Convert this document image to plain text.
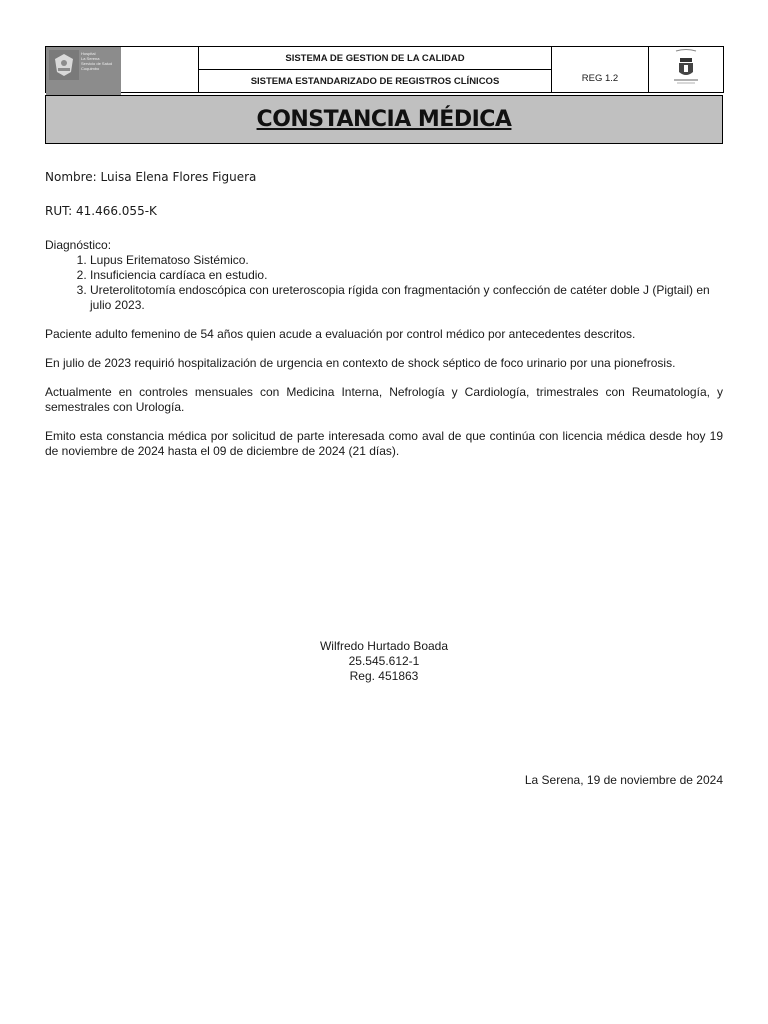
Hospital
La Serena
Servicio de Salud
Coquimbo

SISTEMA DE GESTION DE LA CALIDAD
SISTEMA ESTANDARIZADO DE REGISTROS CLÍNICOS	REG 1.2

CONSTANCIA MÉDICA

Nombre: Luisa Elena Flores Figuera

RUT: 41.466.055-K

Diagnóstico:

1. Lupus Eritematoso Sistémico.
2. Insuficiencia cardíaca en estudio.
3. Ureterolitotomía endoscópica con ureteroscopia rígida con fragmentación y confección de catéter doble J (Pigtail) en julio 2023.

Paciente adulto femenino de 54 años quien acude a evaluación por control médico por antecedentes descritos.

En julio de 2023 requirió hospitalización de urgencia en contexto de shock séptico de foco urinario por una pionefrosis.

Actualmente en controles mensuales con Medicina Interna, Nefrología y Cardiología, trimestrales con Reumatología, y semestrales con Urología.

Emito esta constancia médica por solicitud de parte interesada como aval de que continúa con licencia médica desde hoy 19 de noviembre de 2024 hasta el 09 de diciembre de 2024 (21 días).

Wilfredo Hurtado Boada
25.545.612-1
Reg. 451863
La Serena, 19 de noviembre de 2024
